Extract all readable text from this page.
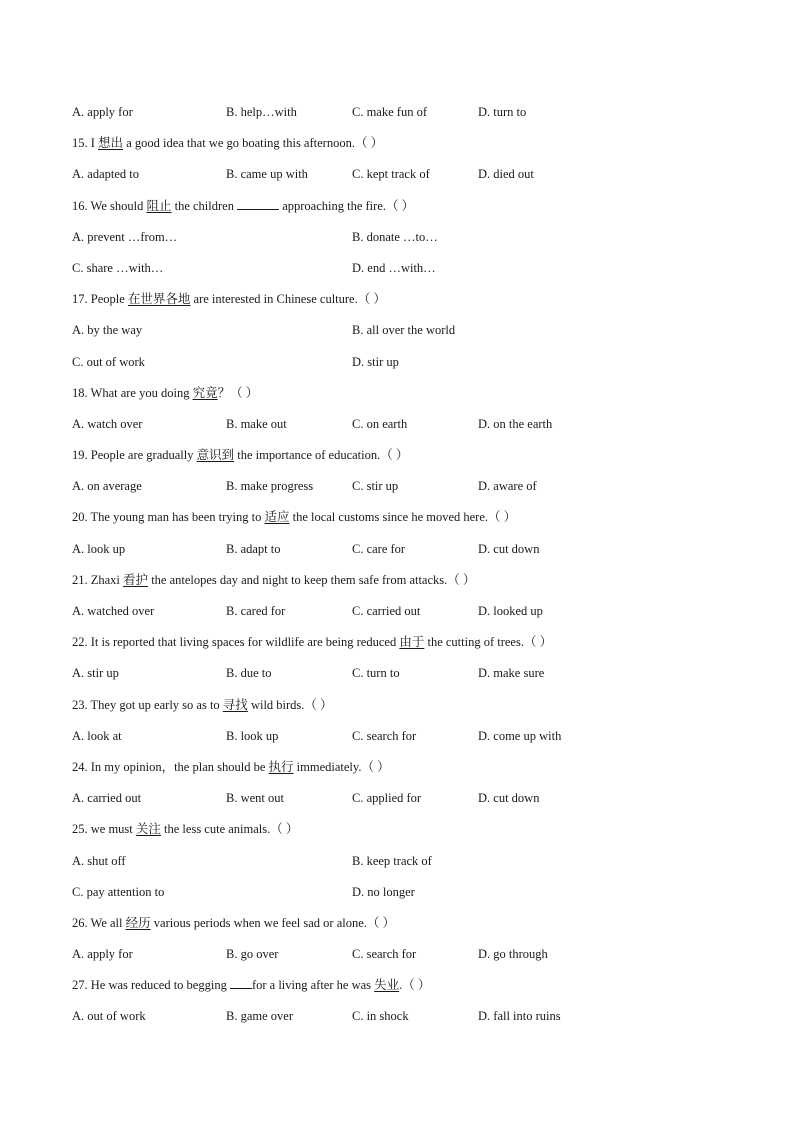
A. apply for	B. help…with	C. make fun of	D. turn to
15. I 想出 a good idea that we go boating this afternoon.（ ）
A. adapted to	B. came up with	C. kept track of	D. died out
16. We should 阻止 the children	approaching the fire.（ ）
A. prevent …from…	B. donate …to…
C. share …with…	D. end …with…
17. People 在世界各地 are interested in Chinese culture.（ ）
A. by the way	B. all over the world
C. out of work	D. stir up
18. What are you doing 究竟？（ ）
A. watch over	B. make out	C. on earth	D. on the earth
19. People are gradually 意识到 the importance of education.（ ）
A. on average	B. make progress	C. stir up	D. aware of
20. The young man has been trying to 适应 the local customs since he moved here.（ ）
A. look up	B. adapt to	C. care for	D. cut down
21. Zhaxi 看护 the antelopes day and night to keep them safe from attacks.（ ）
A. watched over	B. cared for	C. carried out	D. looked up
22. It is reported that living spaces for wildlife are being reduced 由于 the cutting of trees.（ ）
A. stir up	B. due to	C. turn to	D. make sure
23. They got up early so as to 寻找 wild birds.（ ）
A. look at	B. look up	C. search for	D. come up with
24. In my opinion，the plan should be 执行 immediately.（ ）
A. carried out	B. went out	C. applied for	D. cut down
25. we must 关注 the less cute animals.（ ）
A. shut off	B. keep track of
C. pay attention to	D. no longer
26. We all 经历 various periods when we feel sad or alone.（ ）
A. apply for	B. go over	C. search for	D. go through
27. He was reduced to begging for a living after he was 失业.（ ）
A. out of work	B. game over	C. in shock	D. fall into ruins
